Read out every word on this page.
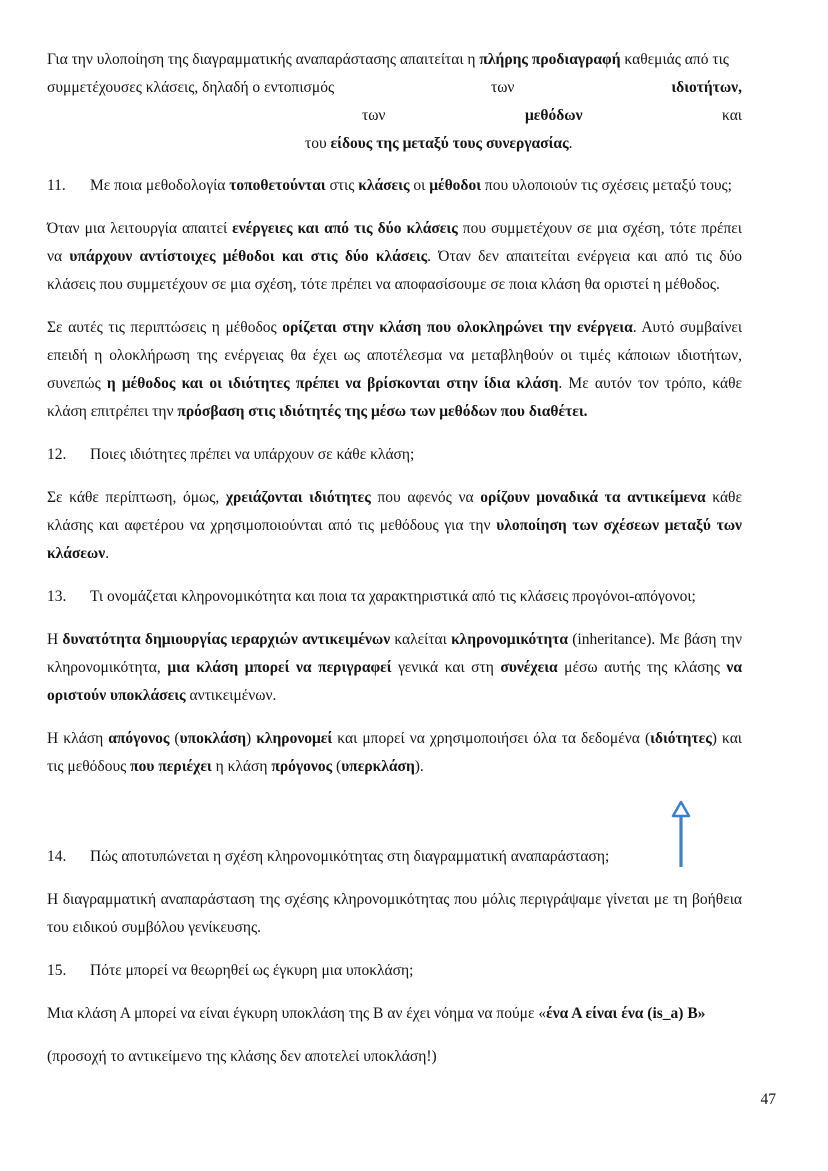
Για την υλοποίηση της διαγραμματικής αναπαράστασης απαιτείται η πλήρης προδιαγραφή καθεμιάς από τις

συμμετέχουσες κλάσεις, δηλαδή ο εντοπισμός	των	ιδιοτήτων,

των	μεθόδων	και

του είδους της μεταξύ τους συνεργασίας.

11. Με ποια μεθοδολογία τοποθετούνται στις κλάσεις οι μέθοδοι που υλοποιούν τις σχέσεις μεταξύ τους;

Όταν μια λειτουργία απαιτεί ενέργειες και από τις δύο κλάσεις που συμμετέχουν σε μια σχέση, τότε πρέπει να υπάρχουν αντίστοιχες μέθοδοι και στις δύο κλάσεις. Όταν δεν απαιτείται ενέργεια και από τις δύο κλάσεις που συμμετέχουν σε μια σχέση, τότε πρέπει να αποφασίσουμε σε ποια κλάση θα οριστεί η μέθοδος.

Σε αυτές τις περιπτώσεις η μέθοδος ορίζεται στην κλάση που ολοκληρώνει την ενέργεια. Αυτό συμβαίνει επειδή η ολοκλήρωση της ενέργειας θα έχει ως αποτέλεσμα να μεταβληθούν οι τιμές κάποιων ιδιοτήτων, συνεπώς η μέθοδος και οι ιδιότητες πρέπει να βρίσκονται στην ίδια κλάση. Με αυτόν τον τρόπο, κάθε κλάση επιτρέπει την πρόσβαση στις ιδιότητές της μέσω των μεθόδων που διαθέτει.

12. Ποιες ιδιότητες πρέπει να υπάρχουν σε κάθε κλάση;

Σε κάθε περίπτωση, όμως, χρειάζονται ιδιότητες που αφενός να ορίζουν μοναδικά τα αντικείμενα κάθε κλάσης και αφετέρου να χρησιμοποιούνται από τις μεθόδους για την υλοποίηση των σχέσεων μεταξύ των κλάσεων.

13. Τι ονομάζεται κληρονομικότητα και ποια τα χαρακτηριστικά από τις κλάσεις προγόνοι-απόγονοι;

Η δυνατότητα δημιουργίας ιεραρχιών αντικειμένων καλείται κληρονομικότητα (inheritance). Με βάση την κληρονομικότητα, μια κλάση μπορεί να περιγραφεί γενικά και στη συνέχεια μέσω αυτής της κλάσης να οριστούν υποκλάσεις αντικειμένων.

Η κλάση απόγονος (υποκλάση) κληρονομεί και μπορεί να χρησιμοποιήσει όλα τα δεδομένα (ιδιότητες) και τις μεθόδους που περιέχει η κλάση πρόγονος (υπερκλάση).

14. Πώς αποτυπώνεται η σχέση κληρονομικότητας στη διαγραμματική αναπαράσταση;

Η διαγραμματική αναπαράσταση της σχέσης κληρονομικότητας που μόλις περιγράψαμε γίνεται με τη βοήθεια του ειδικού συμβόλου γενίκευσης.

15. Πότε μπορεί να θεωρηθεί ως έγκυρη μια υποκλάση;

Μια κλάση Α μπορεί να είναι έγκυρη υποκλάση της Β αν έχει νόημα να πούμε «ένα Α είναι ένα (is_a) Β»

(προσοχή το αντικείμενο της κλάσης δεν αποτελεί υποκλάση!)

47
